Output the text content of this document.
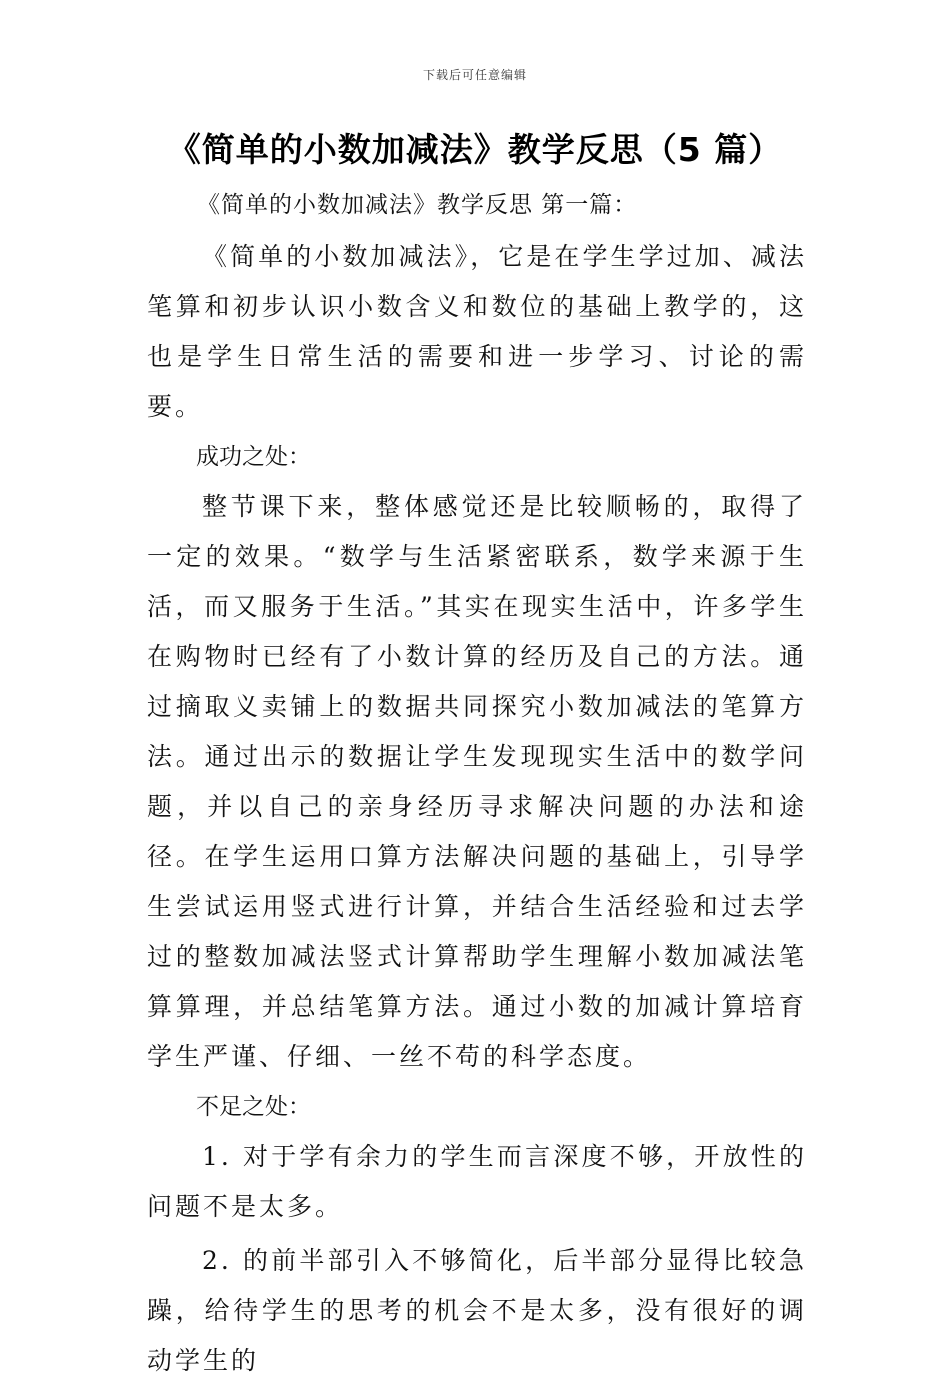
下载后可任意编辑
《简单的小数加减法》教学反思（5 篇）

《简单的小数加减法》教学反思 第一篇：

《简单的小数加减法》，它是在学生学过加、减法笔算和初步认识小数含义和数位的基础上教学的，这也是学生日常生活的需要和进一步学习、讨论的需要。

成功之处：

整节课下来，整体感觉还是比较顺畅的，取得了一定的效果。“数学与生活紧密联系，数学来源于生活，而又服务于生活。”其实在现实生活中，许多学生在购物时已经有了小数计算的经历及自己的方法。通过摘取义卖铺上的数据共同探究小数加减法的笔算方法。通过出示的数据让学生发现现实生活中的数学问题，并以自己的亲身经历寻求解决问题的办法和途径。在学生运用口算方法解决问题的基础上，引导学生尝试运用竖式进行计算，并结合生活经验和过去学过的整数加减法竖式计算帮助学生理解小数加减法笔算算理，并总结笔算方法。通过小数的加减计算培育学生严谨、仔细、一丝不苟的科学态度。

不足之处：

1. 对于学有余力的学生而言深度不够，开放性的问题不是太多。

2. 的前半部引入不够简化，后半部分显得比较急躁，给待学生的思考的机会不是太多，没有很好的调动学生的
